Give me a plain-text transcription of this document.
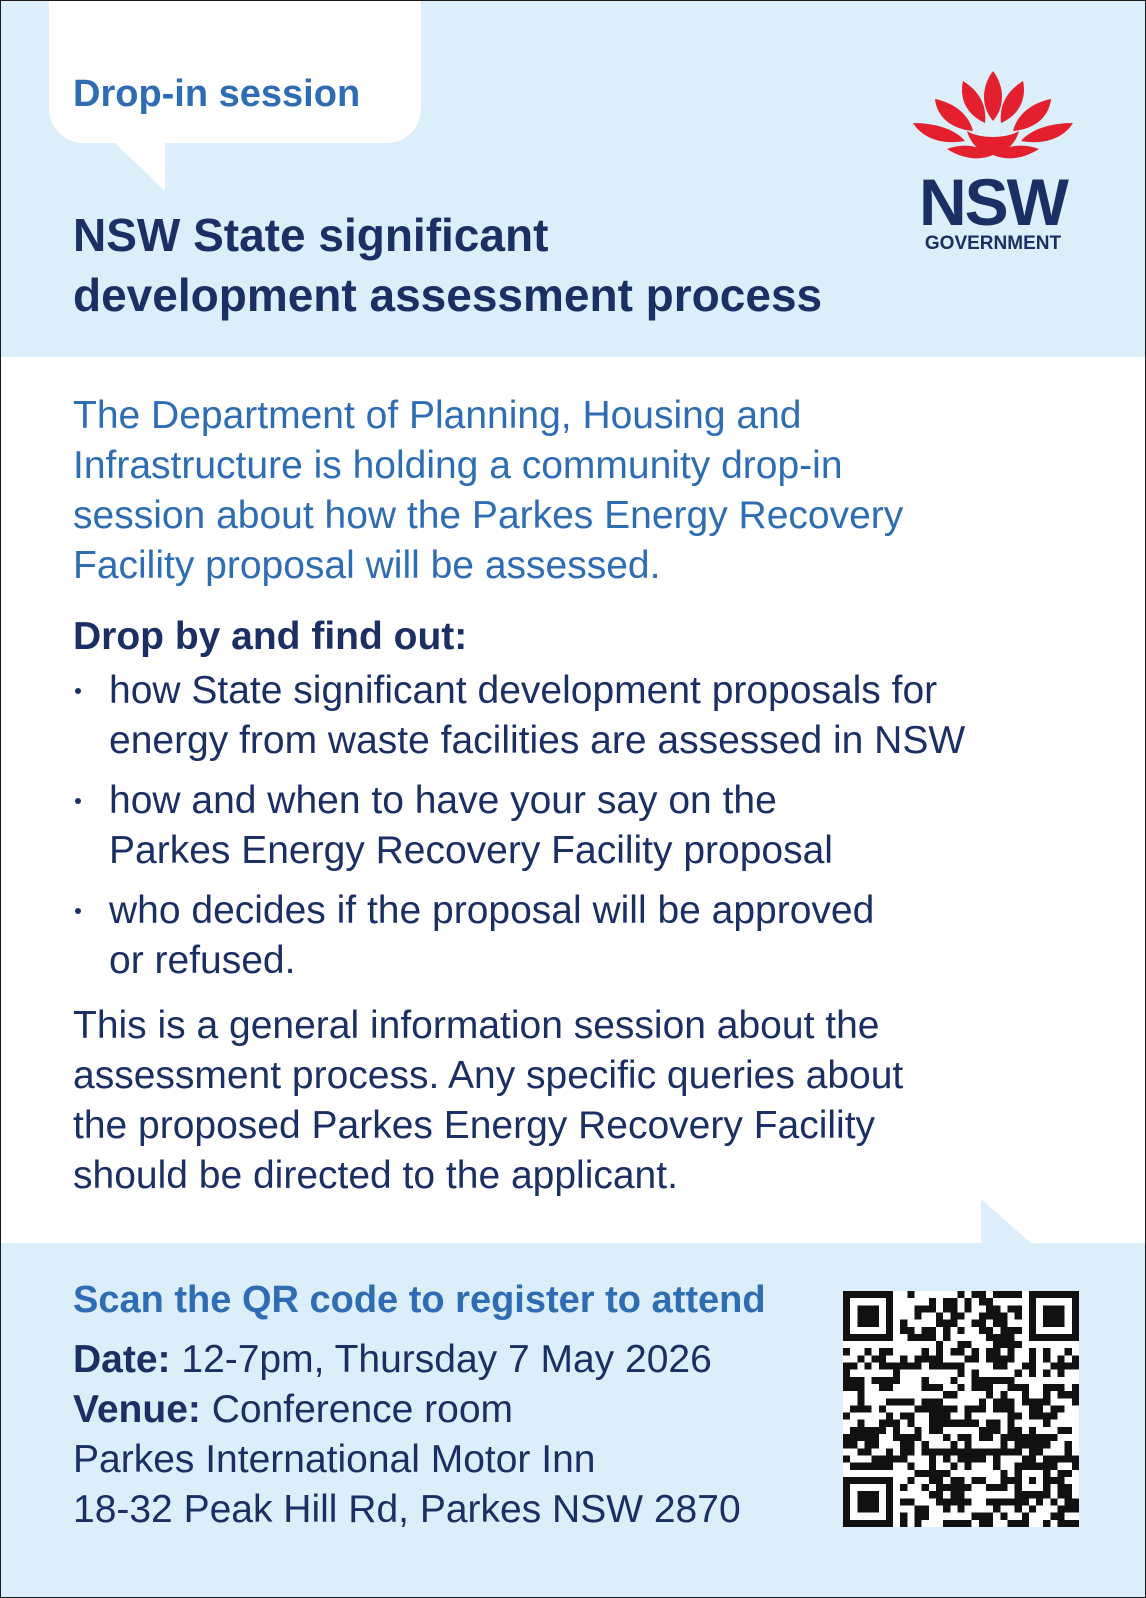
Drop-in session
NSW State significant
development assessment process
NSW
GOVERNMENT

The Department of Planning, Housing and
Infrastructure is holding a community drop-in
session about how the Parkes Energy Recovery
Facility proposal will be assessed.

Drop by and find out:
how State significant development proposals for
energy from waste facilities are assessed in NSW
how and when to have your say on the
Parkes Energy Recovery Facility proposal
who decides if the proposal will be approved
or refused.

This is a general information session about the
assessment process. Any specific queries about
the proposed Parkes Energy Recovery Facility
should be directed to the applicant.

Scan the QR code to register to attend
Date: 12-7pm, Thursday 7 May 2026
Venue: Conference room
Parkes International Motor Inn
18-32 Peak Hill Rd, Parkes NSW 2870
